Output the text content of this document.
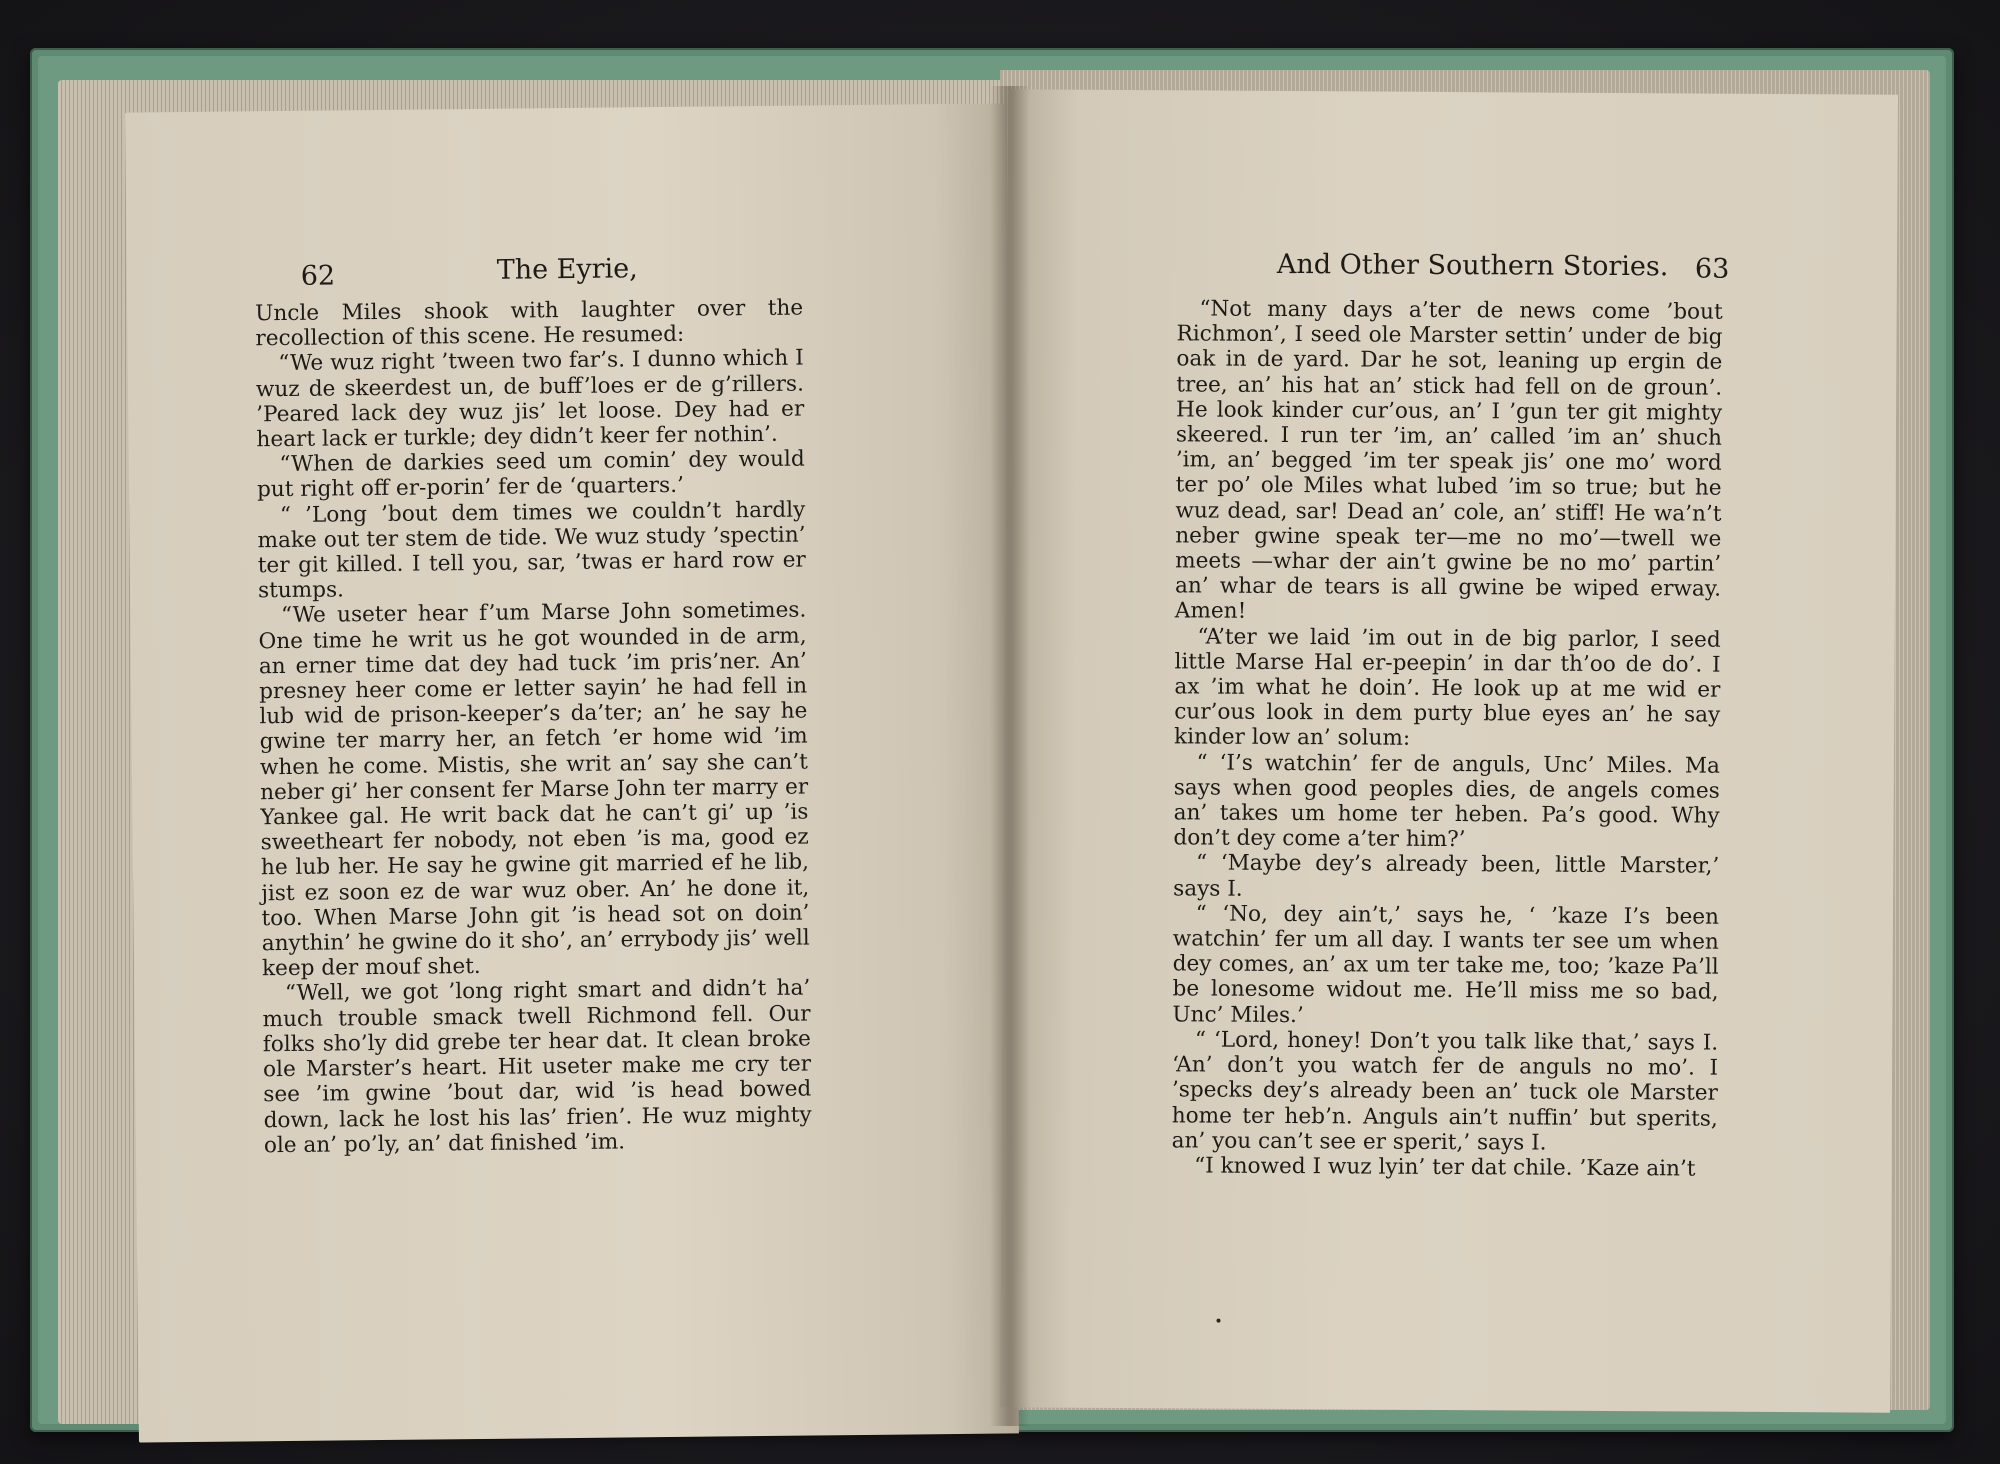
62	The Eyrie,

Uncle Miles shook with laughter over the recollection of this scene. He resumed:

“We wuz right ’tween two far’s. I dunno which I wuz de skeerdest un, de buff’loes er de g’rillers. ’Peared lack dey wuz jis’ let loose. Dey had er heart lack er turkle; dey didn’t keer fer nothin’.

“When de darkies seed um comin’ dey would put right off er-porin’ fer de ‘quarters.’

“ ’Long ’bout dem times we couldn’t hardly make out ter stem de tide. We wuz study ’spectin’ ter git killed. I tell you, sar, ’twas er hard row er stumps.

“We useter hear f’um Marse John sometimes. One time he writ us he got wounded in de arm, an erner time dat dey had tuck ’im pris’ner. An’ presney heer come er letter sayin’ he had fell in lub wid de prison-keeper’s da’ter; an’ he say he gwine ter marry her, an fetch ’er home wid ’im when he come. Mistis, she writ an’ say she can’t neber gi’ her consent fer Marse John ter marry er Yankee gal. He writ back dat he can’t gi’ up ’is sweetheart fer nobody, not eben ’is ma, good ez he lub her. He say he gwine git married ef he lib, jist ez soon ez de war wuz ober. An’ he done it, too. When Marse John git ’is head sot on doin’ anythin’ he gwine do it sho’, an’ errybody jis’ well keep der mouf shet.

“Well, we got ’long right smart and didn’t ha’ much trouble smack twell Richmond fell. Our folks sho’ly did grebe ter hear dat. It clean broke ole Marster’s heart. Hit useter make me cry ter see ’im gwine ’bout dar, wid ’is head bowed down, lack he lost his las’ frien’. He wuz mighty ole an’ po’ly, an’ dat finished ’im.

And Other Southern Stories. 63

“Not many days a’ter de news come ’bout Richmon’, I seed ole Marster settin’ under de big oak in de yard. Dar he sot, leaning up ergin de tree, an’ his hat an’ stick had fell on de groun’. He look kinder cur’ous, an’ I ’gun ter git mighty skeered. I run ter ’im, an’ called ’im an’ shuch ’im, an’ begged ’im ter speak jis’ one mo’ word ter po’ ole Miles what lubed ’im so true; but he wuz dead, sar! Dead an’ cole, an’ stiff! He wa’n’t neber gwine speak ter—me no mo’—twell we meets —whar der ain’t gwine be no mo’ partin’ an’ whar de tears is all gwine be wiped erway. Amen!

“A’ter we laid ’im out in de big parlor, I seed little Marse Hal er-peepin’ in dar th’oo de do’. I ax ’im what he doin’. He look up at me wid er cur’ous look in dem purty blue eyes an’ he say kinder low an’ solum:

“ ‘I’s watchin’ fer de anguls, Unc’ Miles. Ma says when good peoples dies, de angels comes an’ takes um home ter heben. Pa’s good. Why don’t dey come a’ter him?’

“ ‘Maybe dey’s already been, little Marster,’ says I.

“ ‘No, dey ain’t,’ says he, ‘ ’kaze I’s been watchin’ fer um all day. I wants ter see um when dey comes, an’ ax um ter take me, too; ’kaze Pa’ll be lonesome widout me. He’ll miss me so bad, Unc’ Miles.’

“ ‘Lord, honey! Don’t you talk like that,’ says I. ‘An’ don’t you watch fer de anguls no mo’. I ’specks dey’s already been an’ tuck ole Marster home ter heb’n. Anguls ain’t nuffin’ but sperits, an’ you can’t see er sperit,’ says I.

“I knowed I wuz lyin’ ter dat chile. ’Kaze ain’t
